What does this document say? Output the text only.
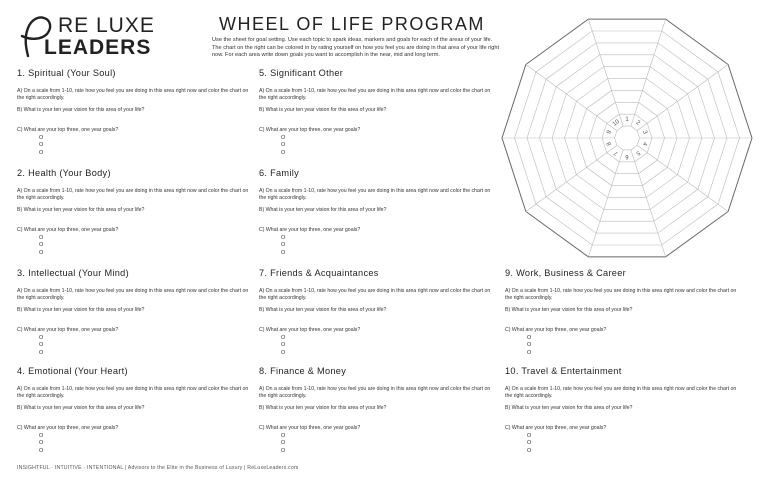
RE LUXE
LEADERS
WHEEL OF LIFE PROGRAM
Use the sheet for goal setting. Use each topic to spark ideas, markers and goals for each of the areas of your life. The chart on the right can be colored in by rating yourself on how you feel you are doing in that area of your life right now. For each area write down goals you want to accomplish in the near, mid and long term.
1. Spiritual (Your Soul)
A) On a scale from 1-10, rate how you feel you are doing in this area right now and color the chart on the right accordingly.
B) What is your ten year vision for this area of your life?
C) What are your top three, one year goals?
O
O
O
2. Health (Your Body)
A) On a scale from 1-10, rate how you feel you are doing in this area right now and color the chart on the right accordingly.
B) What is your ten year vision for this area of your life?
C) What are your top three, one year goals?
O
O
O
3. Intellectual (Your Mind)
A) On a scale from 1-10, rate how you feel you are doing in this area right now and color the chart on the right accordingly.
B) What is your ten year vision for this area of your life?
C) What are your top three, one year goals?
O
O
O
4. Emotional (Your Heart)
A) On a scale from 1-10, rate how you feel you are doing in this area right now and color the chart on the right accordingly.
B) What is your ten year vision for this area of your life?
C) What are your top three, one year goals?
O
O
O
5. Significant Other
A) On a scale from 1-10, rate how you feel you are doing in this area right now and color the chart on the right accordingly.
B) What is your ten year vision for this area of your life?
C) What are your top three, one year goals?
O
O
O
6. Family
A) On a scale from 1-10, rate how you feel you are doing in this area right now and color the chart on the right accordingly.
B) What is your ten year vision for this area of your life?
C) What are your top three, one year goals?
O
O
O
7. Friends & Acquaintances
A) On a scale from 1-10, rate how you feel you are doing in this area right now and color the chart on the right accordingly.
B) What is your ten year vision for this area of your life?
C) What are your top three, one year goals?
O
O
O
8. Finance & Money
A) On a scale from 1-10, rate how you feel you are doing in this area right now and color the chart on the right accordingly.
B) What is your ten year vision for this area of your life?
C) What are your top three, one year goals?
O
O
O
9. Work, Business & Career
A) On a scale from 1-10, rate how you feel you are doing in this area right now and color the chart on the right accordingly.
B) What is your ten year vision for this area of your life?
C) What are your top three, one year goals?
O
O
O
10. Travel & Entertainment
A) On a scale from 1-10, rate how you feel you are doing in this area right now and color the chart on the right accordingly.
B) What is your ten year vision for this area of your life?
C) What are your top three, one year goals?
O
O
O
1
2
3
4
5
6
7
8
9
10
INSIGHTFUL · INTUITIVE · INTENTIONAL | Advisors to the Elite in the Business of Luxury | ReLuxeLeaders.com
